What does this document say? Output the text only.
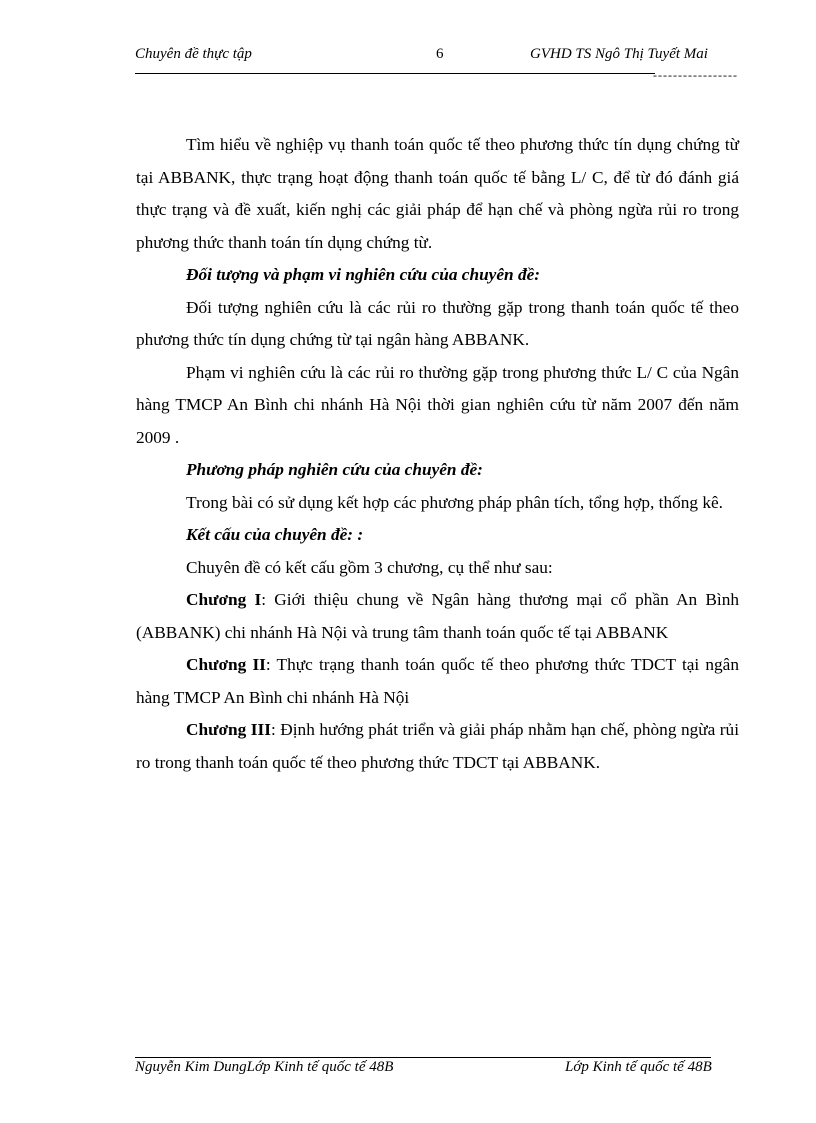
Chuyên đề thực tập	6	GVHD TS Ngô Thị Tuyết Mai
-----------------

Tìm hiểu về nghiệp vụ thanh toán quốc tế theo phương thức tín dụng chứng từ tại ABBANK, thực trạng hoạt động thanh toán quốc tế bằng L/ C, để từ đó đánh giá thực trạng và đề xuất, kiến nghị các giải pháp để hạn chế và phòng ngừa rủi ro trong phương thức thanh toán tín dụng chứng từ.

Đối tượng và phạm vi nghiên cứu của chuyên đề:

Đối tượng nghiên cứu là các rủi ro thường gặp trong thanh toán quốc tế theo phương thức tín dụng chứng từ tại ngân hàng ABBANK.

Phạm vi nghiên cứu là các rủi ro thường gặp trong phương thức L/ C của Ngân hàng TMCP An Bình chi nhánh Hà Nội thời gian nghiên cứu từ năm 2007 đến năm 2009 .

Phương pháp nghiên cứu của chuyên đề:

Trong bài có sử dụng kết hợp các phương pháp phân tích, tổng hợp, thống kê.

Kết cấu của chuyên đề: :

Chuyên đề có kết cấu gồm 3 chương, cụ thể như sau:

Chương I: Giới thiệu chung về Ngân hàng thương mại cổ phần An Bình (ABBANK) chi nhánh Hà Nội và trung tâm thanh toán quốc tế tại ABBANK

Chương II: Thực trạng thanh toán quốc tế theo phương thức TDCT tại ngân hàng TMCP An Bình chi nhánh Hà Nội

Chương III: Định hướng phát triển và giải pháp nhằm hạn chế, phòng ngừa rủi ro trong thanh toán quốc tế theo phương thức TDCT tại ABBANK.

Nguyễn Kim DungLớp Kinh tế quốc tế 48B	Lớp Kinh tế quốc tế 48B
